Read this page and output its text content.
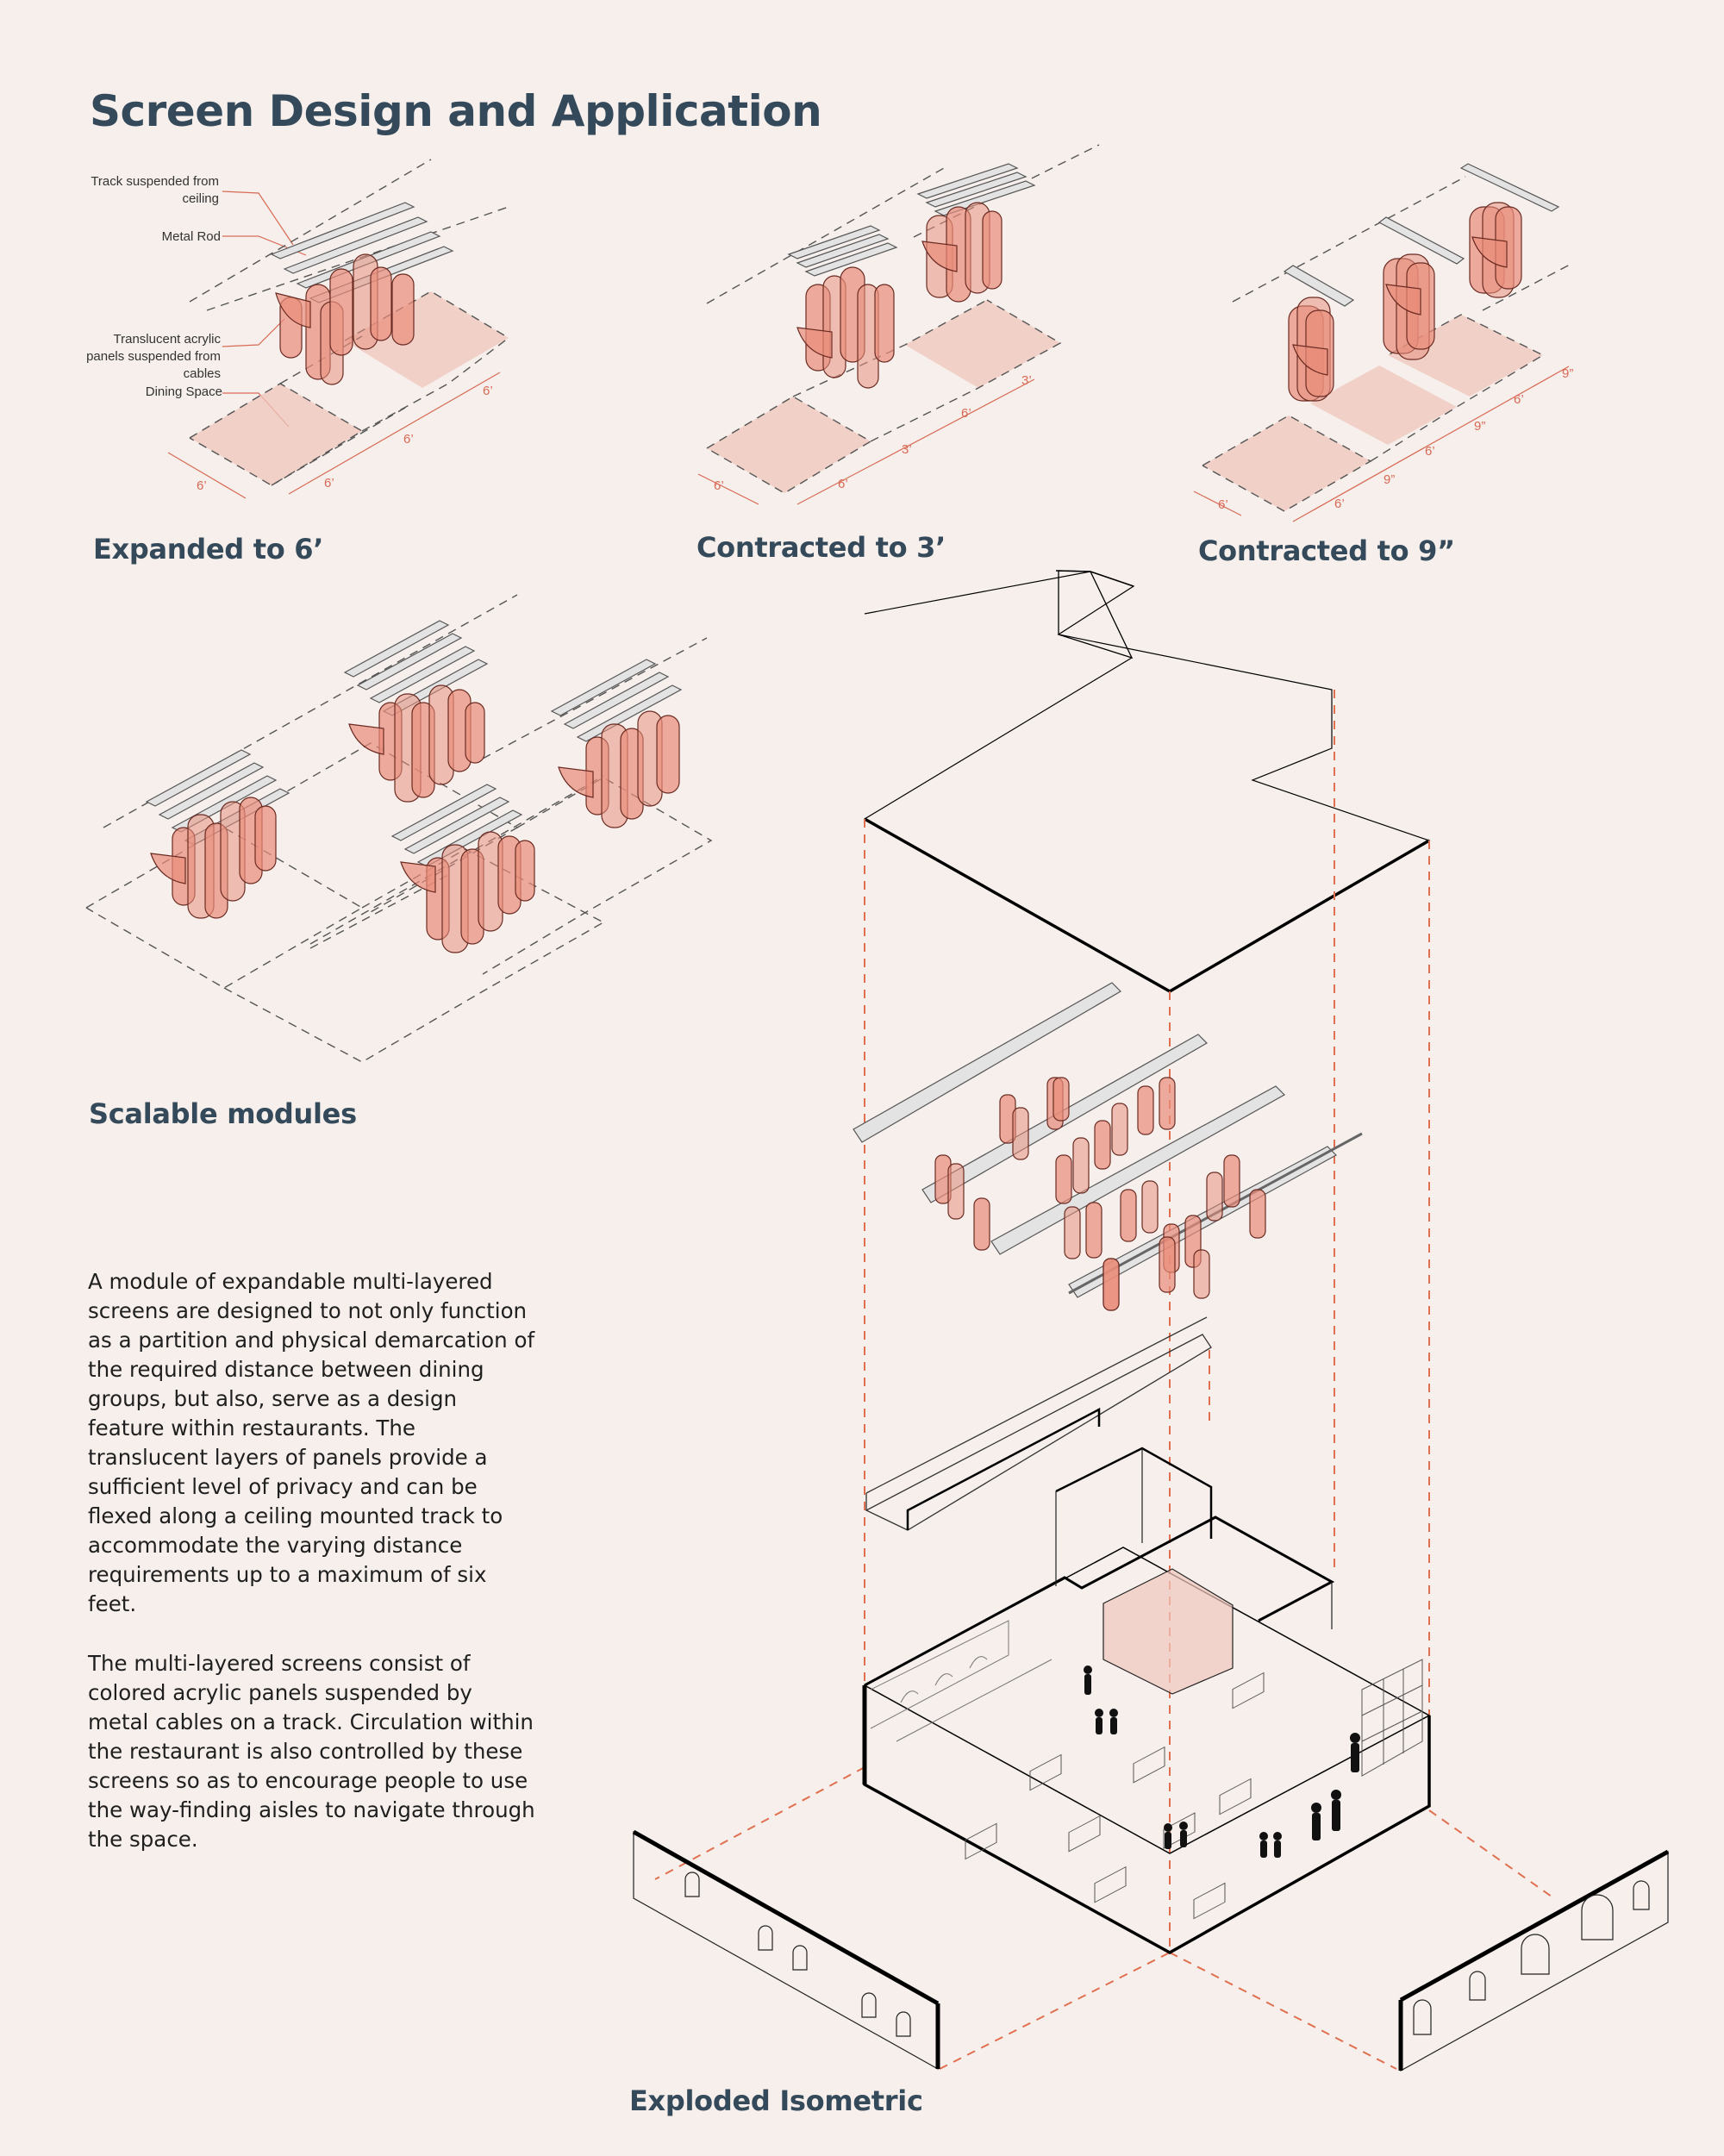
Screen Design and Application
Track suspended from ceiling
Metal Rod
Translucent acrylic panels suspended from cables
Dining Space
6’	6’
6’
6’
6’	6’
3’
6’
3’
6’	6’
9”
6’
9”
6’
9”
Expanded to 6’	Contracted to 3’	Contracted to 9”
Scalable modules
A module of expandable multi-layered screens are designed to not only function as a partition and physical demarcation of the required distance between dining groups, but also, serve as a design feature within restaurants. The translucent layers of panels provide a sufficient level of privacy and can be flexed along a ceiling mounted track to accommodate the varying distance requirements up to a maximum of six feet.
The multi-layered screens consist of colored acrylic panels suspended by metal cables on a track. Circulation within the restaurant is also controlled by these screens so as to encourage people to use the way-finding aisles to navigate through the space.
Exploded Isometric
